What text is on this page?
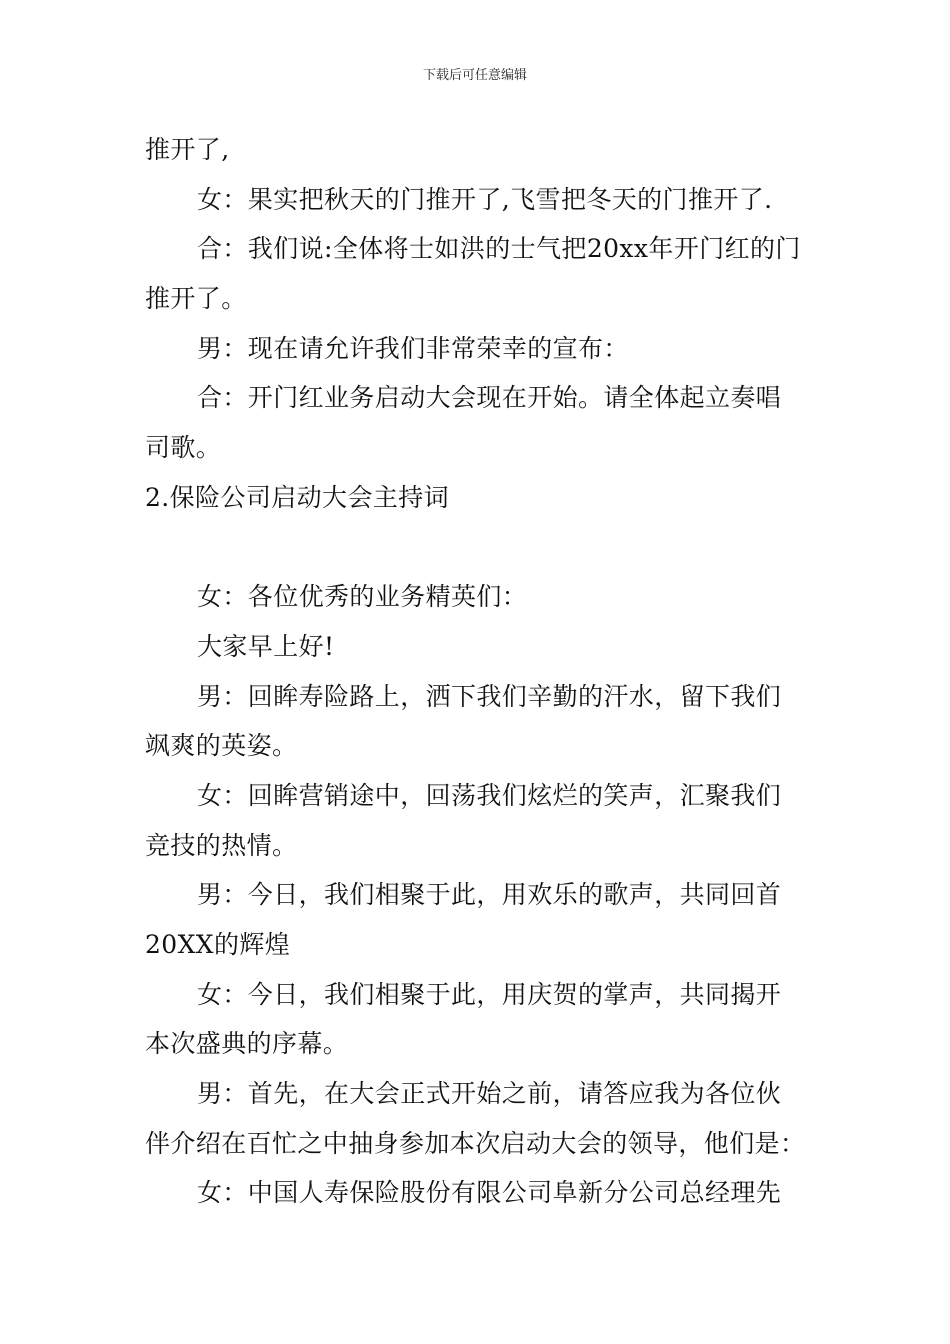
下载后可任意编辑
推开了,
女：果实把秋天的门推开了,飞雪把冬天的门推开了.
合：我们说:全体将士如洪的士气把20xx年开门红的门
推开了。
男：现在请允许我们非常荣幸的宣布：
合：开门红业务启动大会现在开始。请全体起立奏唱
司歌。
2.保险公司启动大会主持词
女：各位优秀的业务精英们：
大家早上好!
男：回眸寿险路上，洒下我们辛勤的汗水，留下我们
飒爽的英姿。
女：回眸营销途中，回荡我们炫烂的笑声，汇聚我们
竞技的热情。
男：今日，我们相聚于此，用欢乐的歌声，共同回首
20XX的辉煌
女：今日，我们相聚于此，用庆贺的掌声，共同揭开
本次盛典的序幕。
男：首先，在大会正式开始之前，请答应我为各位伙
伴介绍在百忙之中抽身参加本次启动大会的领导，他们是：
女：中国人寿保险股份有限公司阜新分公司总经理先
